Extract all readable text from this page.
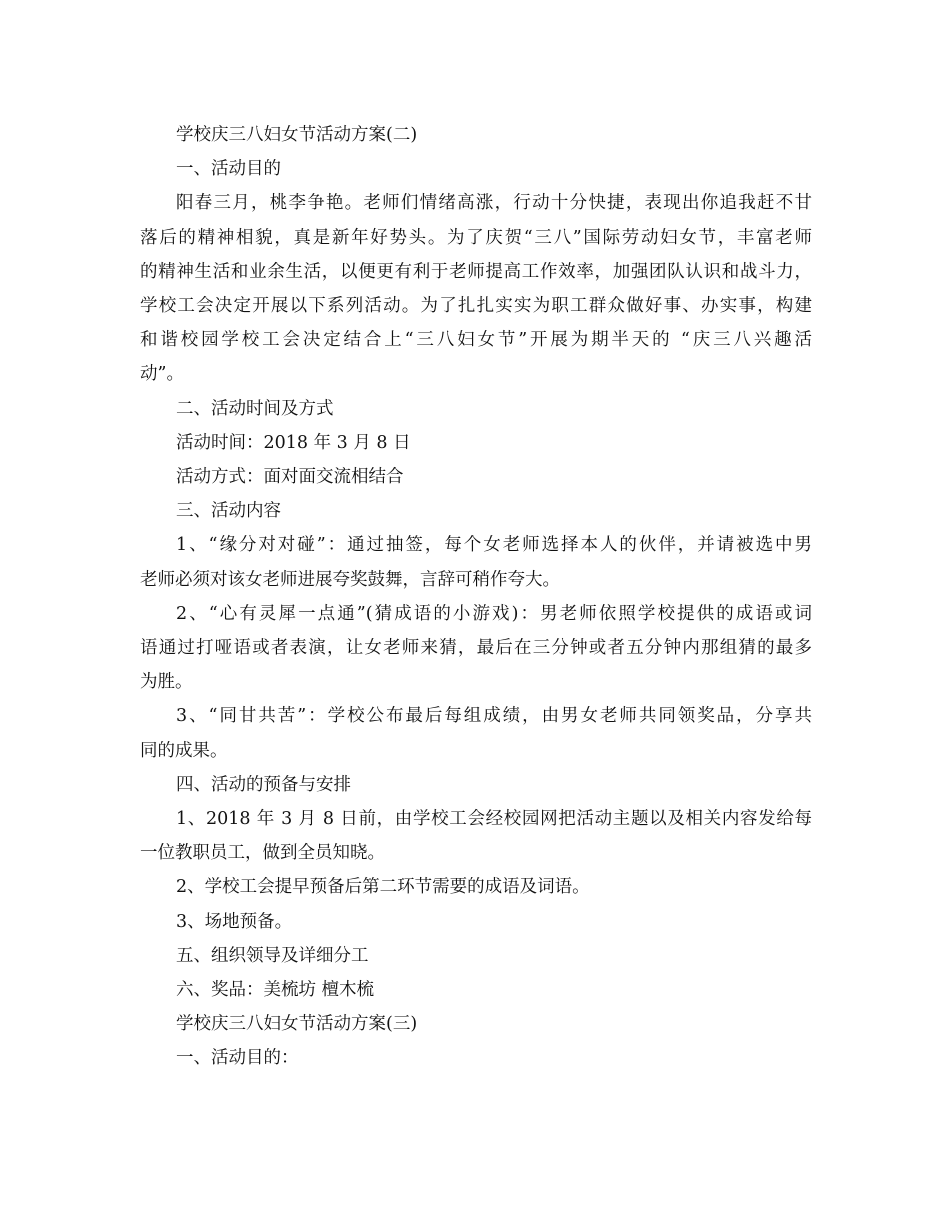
学校庆三八妇女节活动方案(二)

一、活动目的

阳春三月，桃李争艳。老师们情绪高涨，行动十分快捷，表现出你追我赶不甘
落后的精神相貌，真是新年好势头。为了庆贺“三八”国际劳动妇女节，丰富老师
的精神生活和业余生活，以便更有利于老师提高工作效率，加强团队认识和战斗力，
学校工会决定开展以下系列活动。为了扎扎实实为职工群众做好事、办实事，构建
和谐校园学校工会决定结合上“三八妇女节”开展为期半天的 “庆三八兴趣活
动”。

二、活动时间及方式

活动时间：2018 年 3 月 8 日

活动方式：面对面交流相结合

三、活动内容

1、“缘分对对碰”：通过抽签，每个女老师选择本人的伙伴，并请被选中男
老师必须对该女老师进展夸奖鼓舞，言辞可稍作夸大。
2、“心有灵犀一点通”(猜成语的小游戏)：男老师依照学校提供的成语或词
语通过打哑语或者表演，让女老师来猜，最后在三分钟或者五分钟内那组猜的最多
为胜。
3、“同甘共苦”：学校公布最后每组成绩，由男女老师共同领奖品，分享共
同的成果。

四、活动的预备与安排

1、2018 年 3 月 8 日前，由学校工会经校园网把活动主题以及相关内容发给每
一位教职员工，做到全员知晓。

2、学校工会提早预备后第二环节需要的成语及词语。

3、场地预备。

五、组织领导及详细分工

六、奖品：美梳坊 檀木梳

学校庆三八妇女节活动方案(三)

一、活动目的：
